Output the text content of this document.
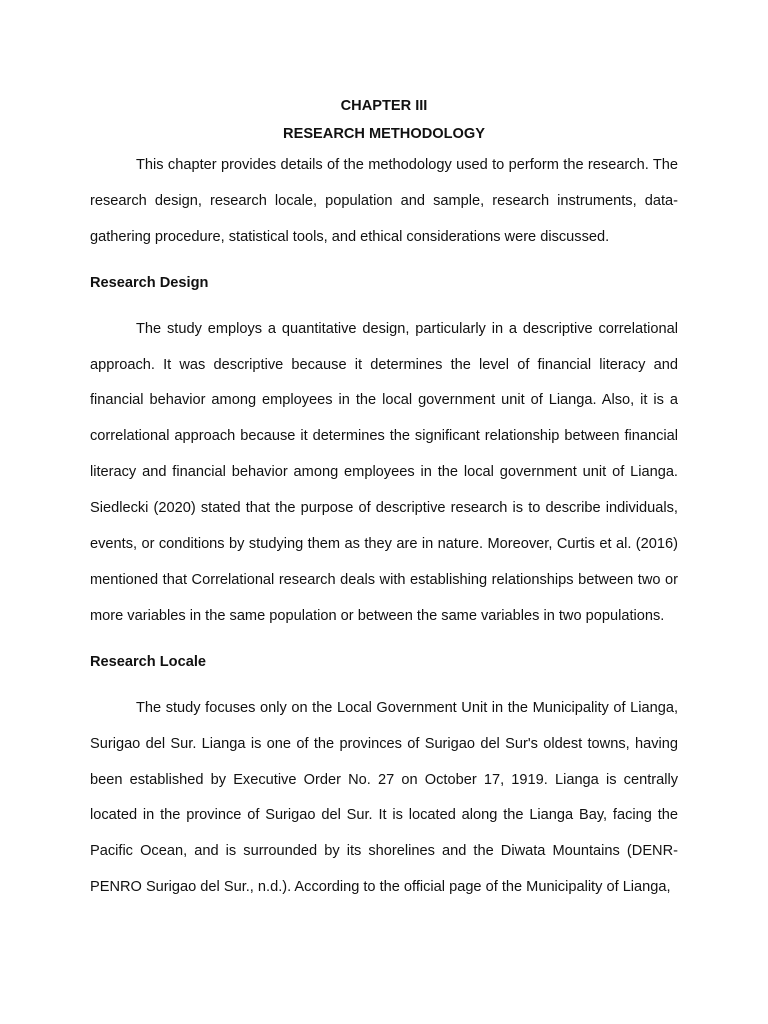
CHAPTER III

RESEARCH METHODOLOGY

This chapter provides details of the methodology used to perform the research. The research design, research locale, population and sample, research instruments, data-gathering procedure, statistical tools, and ethical considerations were discussed.

Research Design

The study employs a quantitative design, particularly in a descriptive correlational approach. It was descriptive because it determines the level of financial literacy and financial behavior among employees in the local government unit of Lianga. Also, it is a correlational approach because it determines the significant relationship between financial literacy and financial behavior among employees in the local government unit of Lianga. Siedlecki (2020) stated that the purpose of descriptive research is to describe individuals, events, or conditions by studying them as they are in nature. Moreover, Curtis et al. (2016) mentioned that Correlational research deals with establishing relationships between two or more variables in the same population or between the same variables in two populations.

Research Locale

The study focuses only on the Local Government Unit in the Municipality of Lianga, Surigao del Sur. Lianga is one of the provinces of Surigao del Sur's oldest towns, having been established by Executive Order No. 27 on October 17, 1919. Lianga is centrally located in the province of Surigao del Sur. It is located along the Lianga Bay, facing the Pacific Ocean, and is surrounded by its shorelines and the Diwata Mountains (DENR-PENRO Surigao del Sur., n.d.). According to the official page of the Municipality of Lianga,
